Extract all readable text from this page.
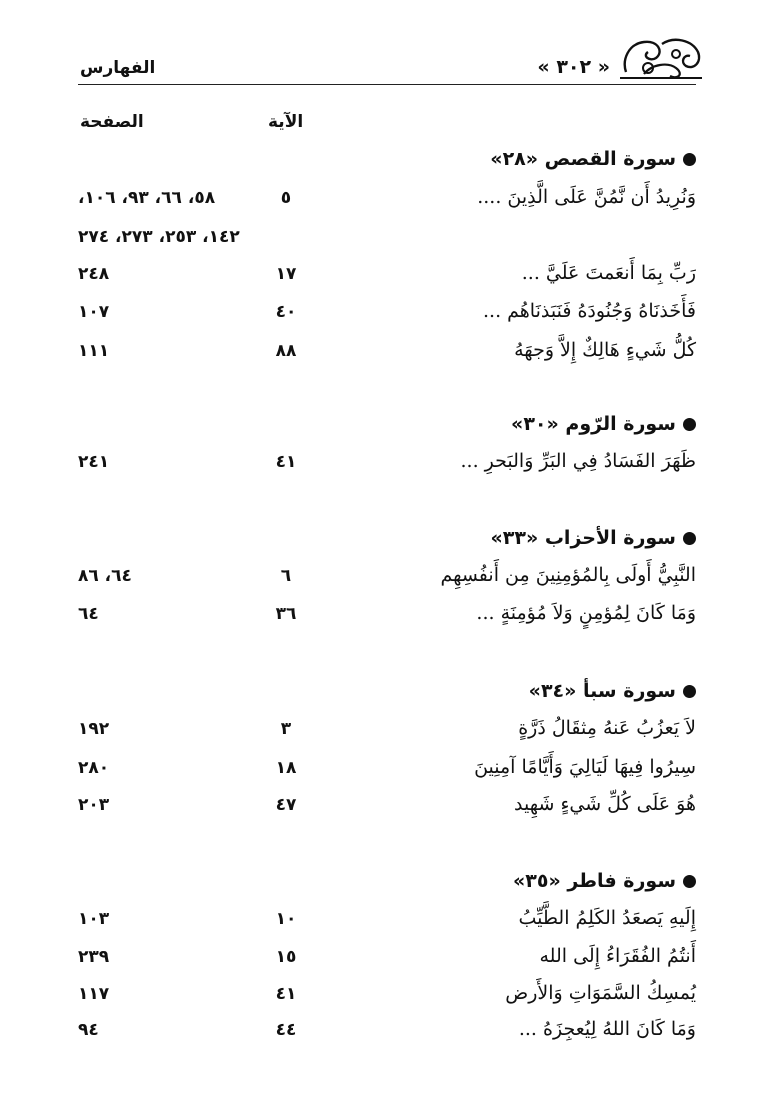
« ٣٠٢ »
الفهارس
الآية
الصفحة
سورة القصص «٢٨»
وَنُرِيدُ أَن نَّمُنَّ عَلَى الَّذِينَ ....
٥
٥٨، ٦٦، ٩٣، ١٠٦،
١٤٢، ٢٥٣، ٢٧٣، ٢٧٤
رَبِّ بِمَا أَنعَمتَ عَلَيَّ ...
١٧
٢٤٨
فَأَخَذنَاهُ وَجُنُودَهُ فَنَبَذنَاهُم ...
٤٠
١٠٧
كُلُّ شَيءٍ هَالِكٌ إِلاَّ وَجهَهُ
٨٨
١١١
سورة الرّوم «٣٠»
ظَهَرَ الفَسَادُ فِي البَرِّ وَالبَحرِ ...
٤١
٢٤١
سورة الأحزاب «٣٣»
النَّبِيُّ أَولَى بِالمُؤمِنِينَ مِن أَنفُسِهِم
٦
٦٤، ٨٦
وَمَا كَانَ لِمُؤمِنٍ وَلاَ مُؤمِنَةٍ ...
٣٦
٦٤
سورة سبأ «٣٤»
لاَ يَعزُبُ عَنهُ مِثقَالُ ذَرَّةٍ
٣
١٩٢
سِيرُوا فِيهَا لَيَالِيَ وَأَيَّامًا آمِنِينَ
١٨
٢٨٠
هُوَ عَلَى كُلِّ شَيءٍ شَهِيد
٤٧
٢٠٣
سورة فاطر «٣٥»
إِلَيهِ يَصعَدُ الكَلِمُ الطَّيِّبُ
١٠
١٠٣
أَنتُمُ الفُقَرَاءُ إِلَى الله
١٥
٢٣٩
يُمسِكُ السَّمَوَاتِ وَالأَرض
٤١
١١٧
وَمَا كَانَ اللهُ لِيُعجِزَهُ ...
٤٤
٩٤
